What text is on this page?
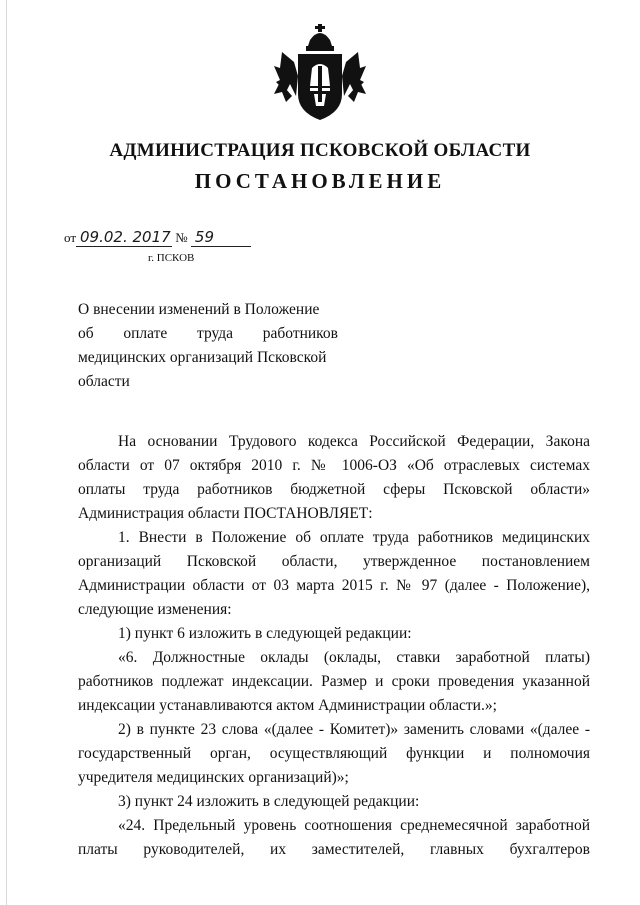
АДМИНИСТРАЦИЯ ПСКОВСКОЙ ОБЛАСТИ
ПОСТАНОВЛЕНИЕ
от 09.02. 2017 № 59
г. ПСКОВ
О внесении изменений в Положение
об оплате труда работников
медицинских организаций Псковской
области
На основании Трудового кодекса Российской Федерации, Закона
области от 07 октября 2010 г. № 1006-ОЗ «Об отраслевых системах
оплаты труда работников бюджетной сферы Псковской области»
Администрация области ПОСТАНОВЛЯЕТ:
1. Внести в Положение об оплате труда работников медицинских
организаций Псковской области, утвержденное постановлением
Администрации области от 03 марта 2015 г. № 97 (далее - Положение),
следующие изменения:
1) пункт 6 изложить в следующей редакции:
«6. Должностные оклады (оклады, ставки заработной платы)
работников подлежат индексации. Размер и сроки проведения указанной
индексации устанавливаются актом Администрации области.»;
2) в пункте 23 слова «(далее - Комитет)» заменить словами «(далее -
государственный орган, осуществляющий функции и полномочия
учредителя медицинских организаций)»;
3) пункт 24 изложить в следующей редакции:
«24. Предельный уровень соотношения среднемесячной заработной
платы руководителей, их заместителей, главных бухгалтеров
